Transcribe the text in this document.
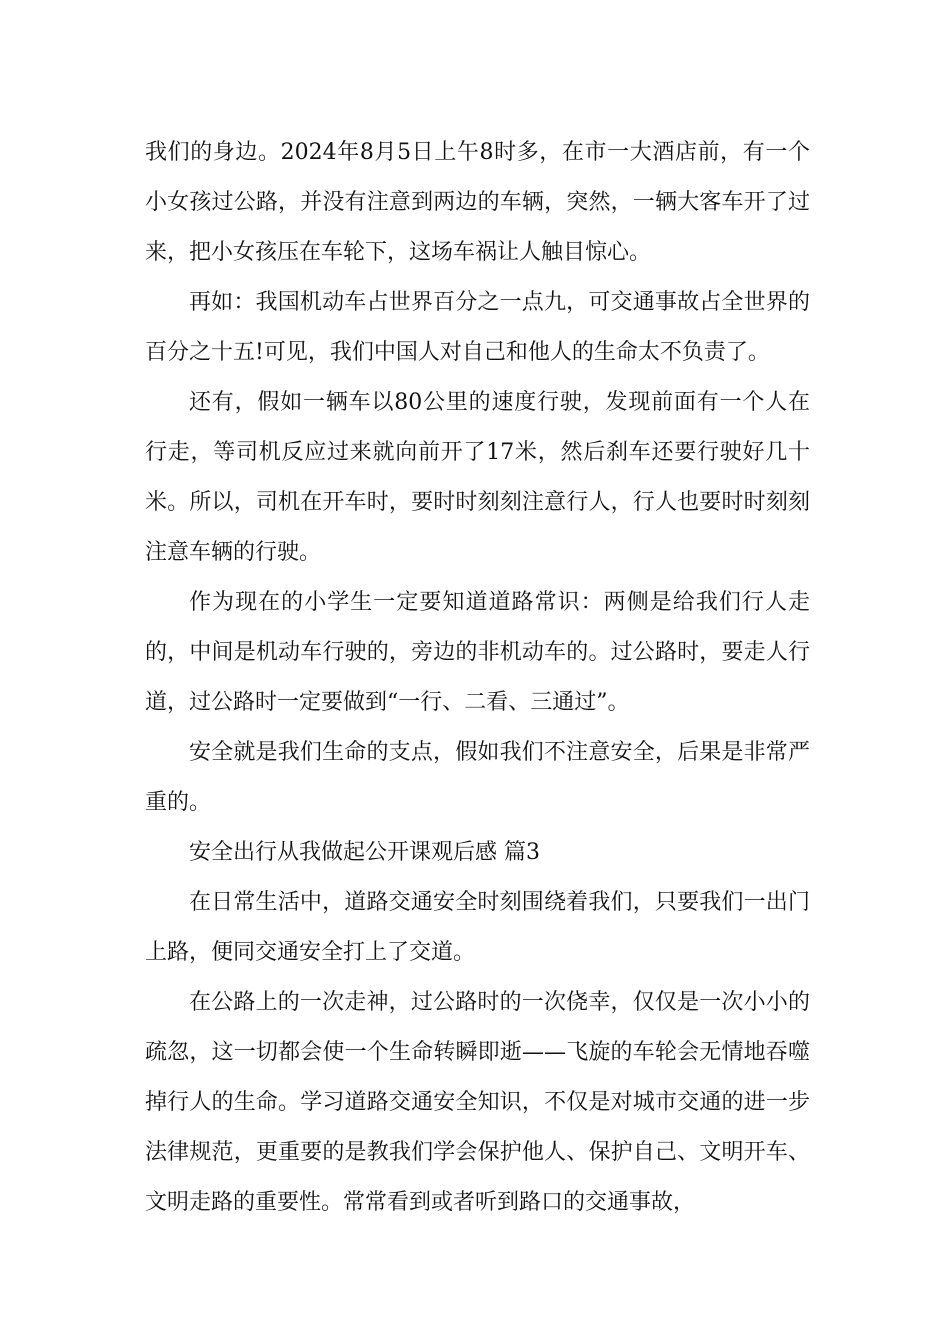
我们的身边。2024年8月5日上午8时多，在市一大酒店前，有一个小女孩过公路，并没有注意到两边的车辆，突然，一辆大客车开了过来，把小女孩压在车轮下，这场车祸让人触目惊心。

再如：我国机动车占世界百分之一点九，可交通事故占全世界的百分之十五!可见，我们中国人对自己和他人的生命太不负责了。

还有，假如一辆车以80公里的速度行驶，发现前面有一个人在行走，等司机反应过来就向前开了17米，然后刹车还要行驶好几十米。所以，司机在开车时，要时时刻刻注意行人，行人也要时时刻刻注意车辆的行驶。

作为现在的小学生一定要知道道路常识：两侧是给我们行人走的，中间是机动车行驶的，旁边的非机动车的。过公路时，要走人行道，过公路时一定要做到“一行、二看、三通过”。

安全就是我们生命的支点，假如我们不注意安全，后果是非常严重的。

安全出行从我做起公开课观后感 篇3

在日常生活中，道路交通安全时刻围绕着我们，只要我们一出门上路，便同交通安全打上了交道。

在公路上的一次走神，过公路时的一次侥幸，仅仅是一次小小的疏忽，这一切都会使一个生命转瞬即逝——飞旋的车轮会无情地吞噬掉行人的生命。学习道路交通安全知识，不仅是对城市交通的进一步法律规范，更重要的是教我们学会保护他人、保护自己、文明开车、文明走路的重要性。常常看到或者听到路口的交通事故，
